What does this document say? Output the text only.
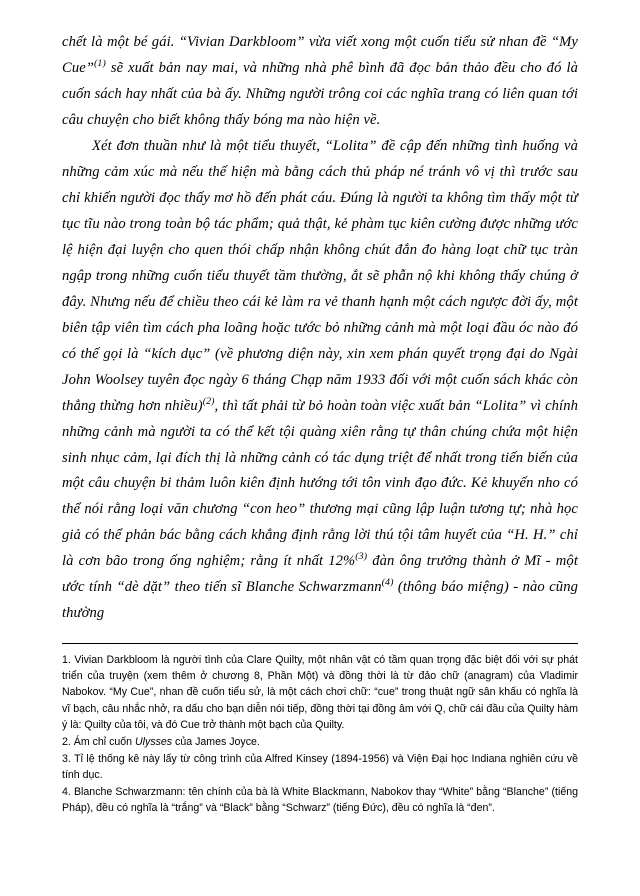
chết là một bé gái. “Vivian Darkbloom” vừa viết xong một cuốn tiểu sử nhan đề “My Cue”$^{(1)}$ sẽ xuất bản nay mai, và những nhà phê bình đã đọc bản thảo đều cho đó là cuốn sách hay nhất của bà ấy. Những người trông coi các nghĩa trang có liên quan tới câu chuyện cho biết không thấy bóng ma nào hiện về.

Xét đơn thuần như là một tiểu thuyết, “Lolita” đề cập đến những tình huống và những cảm xúc mà nếu thế hiện mà bằng cách thủ pháp né tránh vô vị thì trước sau chỉ khiến người đọc thấy mơ hồ đến phát cáu. Đúng là người ta không tìm thấy một từ tục tĩu nào trong toàn bộ tác phẩm; quả thật, kẻ phàm tục kiên cường được những ước lệ hiện đại luyện cho quen thói chấp nhận không chút đắn đo hàng loạt chữ tục tràn ngập trong những cuốn tiểu thuyết tầm thường, ắt sẽ phẫn nộ khi không thấy chúng ở đây. Nhưng nếu để chiều theo cái kẻ làm ra vẻ thanh hạnh một cách ngược đời ấy, một biên tập viên tìm cách pha loãng hoặc tước bỏ những cảnh mà một loại đầu óc nào đó có thế gọi là “kích dục” (về phương diện này, xin xem phán quyết trọng đại do Ngài John Woolsey tuyên đọc ngày 6 tháng Chạp năm 1933 đối với một cuốn sách khác còn thẳng thừng hơn nhiều)$^{(2)}$, thì tất phải từ bỏ hoàn toàn việc xuất bản “Lolita” vì chính những cảnh mà người ta có thể kết tội quàng xiên rằng tự thân chúng chứa một hiện sinh nhục cảm, lại đích thị là những cảnh có tác dụng triệt để nhất trong tiến biến của một câu chuyện bi thảm luôn kiên định hướng tới tôn vinh đạo đức. Kẻ khuyến nho có thể nói rằng loại văn chương “con heo” thương mại cũng lập luận tương tự; nhà học giả có thể phản bác bằng cách khẳng định rằng lời thú tội tâm huyết của “H. H.” chỉ là cơn bão trong ống nghiệm; rằng ít nhất 12%$^{(3)}$ đàn ông trưởng thành ở Mĩ - một ước tính “dè dặt” theo tiến sĩ Blanche Schwarzmann$^{(4)}$ (thông báo miệng) - nào cũng thường

1. Vivian Darkbloom là người tình của Clare Quilty, một nhân vật có tầm quan trọng đặc biệt đối với sự phát triển của truyện (xem thêm ở chương 8, Phần Một) và đồng thời là từ đảo chữ (anagram) của Vladimir Nabokov. “My Cue”, nhan đề cuốn tiểu sử, là một cách chơi chữ: “cue” trong thuật ngữ sân khấu có nghĩa là vĩ bạch, câu nhắc nhở, ra dấu cho bạn diễn nói tiếp, đồng thời tại đồng âm với Q, chữ cái đầu của Quilty hàm ý là: Quilty của tôi, và đó Cue trở thành một bạch của Quilty.

2. Ám chỉ cuốn Ulysses của James Joyce.

3. Tỉ lệ thống kê này lấy từ công trình của Alfred Kinsey (1894-1956) và Viện Đại học Indiana nghiên cứu về tính dục.

4. Blanche Schwarzmann: tên chính của bà là White Blackmann, Nabokov thay “White” bằng “Blanche” (tiếng Pháp), đều có nghĩa là “trắng” và “Black” bằng “Schwarz” (tiếng Đức), đều có nghĩa là “đen”.
